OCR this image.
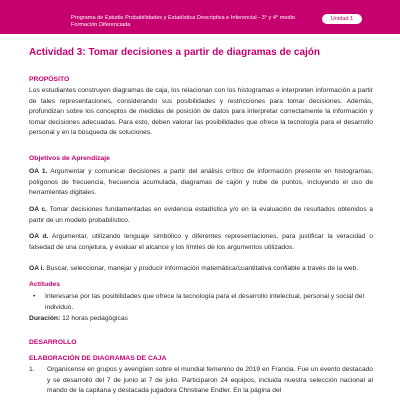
Programa de Estudio Probabilidades y Estadística Descriptiva e Inferencial - 3° y 4° medio
Formación Diferenciada
Unidad 1
Actividad 3: Tomar decisiones a partir de diagramas de cajón
PROPÓSITO
Los estudiantes construyen diagramas de caja, los relacionan con los histogramas e interpreten información a partir de tales representaciones, considerando sus posibilidades y restricciones para tomar decisiones. Además, profundizan sobre los conceptos de medidas de posición de datos para interpretar correctamente la información y tomar decisiones adecuadas. Para esto, deben valorar las posibilidades que ofrece la tecnología para el desarrollo personal y en la búsqueda de soluciones.
Objetivos de Aprendizaje
OA 1. Argumentar y comunicar decisiones a partir del análisis crítico de información presente en histogramas, polígonos de frecuencia, frecuencia acumulada, diagramas de cajón y nube de puntos, incluyendo el uso de herramientas digitales.
OA c. Tomar decisiones fundamentadas en evidencia estadística y/o en la evaluación de resultados obtenidos a partir de un modelo probabilístico.
OA d. Argumentar, utilizando lenguaje simbólico y diferentes representaciones, para justificar la veracidad o falsedad de una conjetura, y evaluar el alcance y los límites de los argumentos utilizados.
OA i. Buscar, seleccionar, manejar y producir información matemática/cuantitativa confiable a través de la web.
Actitudes
• Interesarse por las posibilidades que ofrece la tecnología para el desarrollo intelectual, personal y social del individuo.
Duración: 12 horas pedagógicas
DESARROLLO
ELABORACIÓN DE DIAGRAMAS DE CAJA
1. Organícense en grupos y averigüen sobre el mundial femenino de 2019 en Francia. Fue un evento destacado y se desarrolló del 7 de junio al 7 de julio. Participaron 24 equipos, incluida nuestra selección nacional al mando de la capitana y destacada jugadora Christiane Endler. En la página del
